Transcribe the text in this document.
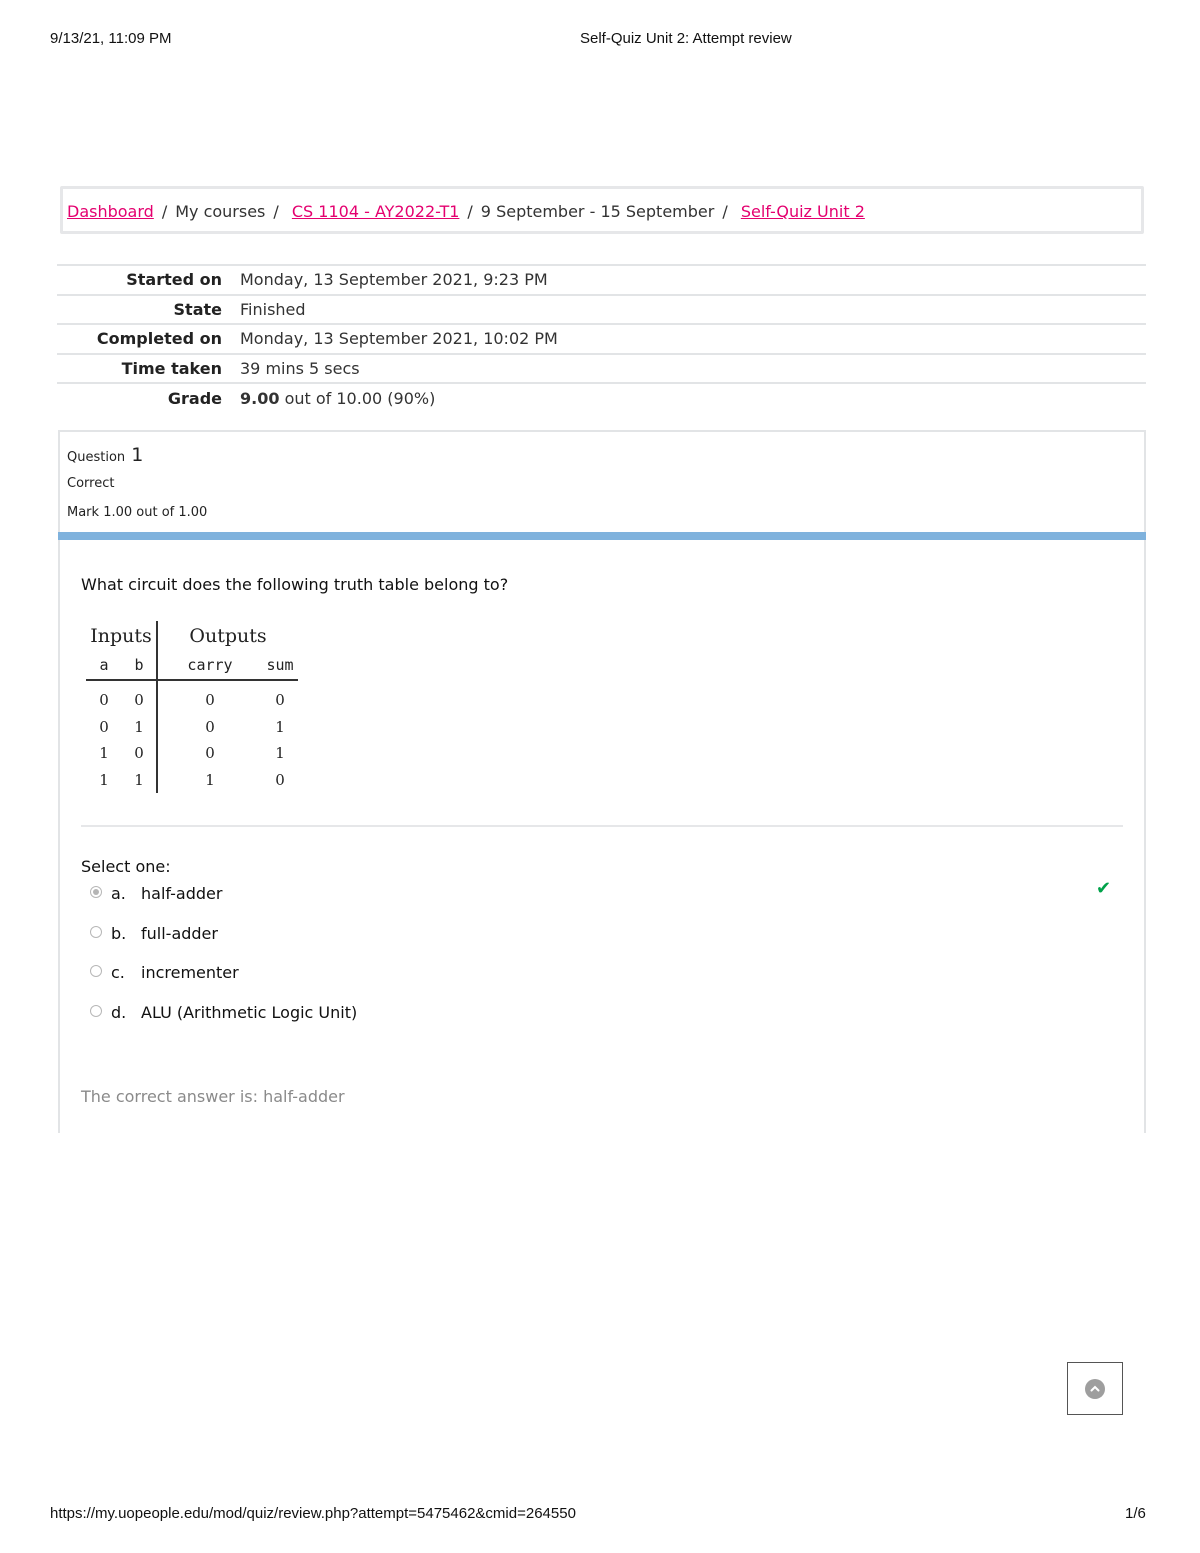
9/13/21, 11:09 PM	Self-Quiz Unit 2: Attempt review
Dashboard / My courses / CS 1104 - AY2022-T1 / 9 September - 15 September / Self-Quiz Unit 2
Started on	Monday, 13 September 2021, 9:23 PM
State	Finished
Completed on	Monday, 13 September 2021, 10:02 PM
Time taken	39 mins 5 secs
Grade	9.00 out of 10.00 (90%)
Question 1
Correct
Mark 1.00 out of 1.00
What circuit does the following truth table belong to?
Inputs		Outputs	
a	b	carry	sum

0	0	0	0
0	1	0	1
1	0	0	1
1	1	1	0
Select one:
a. half-adder	✔
b. full-adder
c.	incrementer
d. ALU (Arithmetic Logic Unit)
The correct answer is: half-adder
https://my.uopeople.edu/mod/quiz/review.php?attempt=5475462&cmid=264550	1/6
